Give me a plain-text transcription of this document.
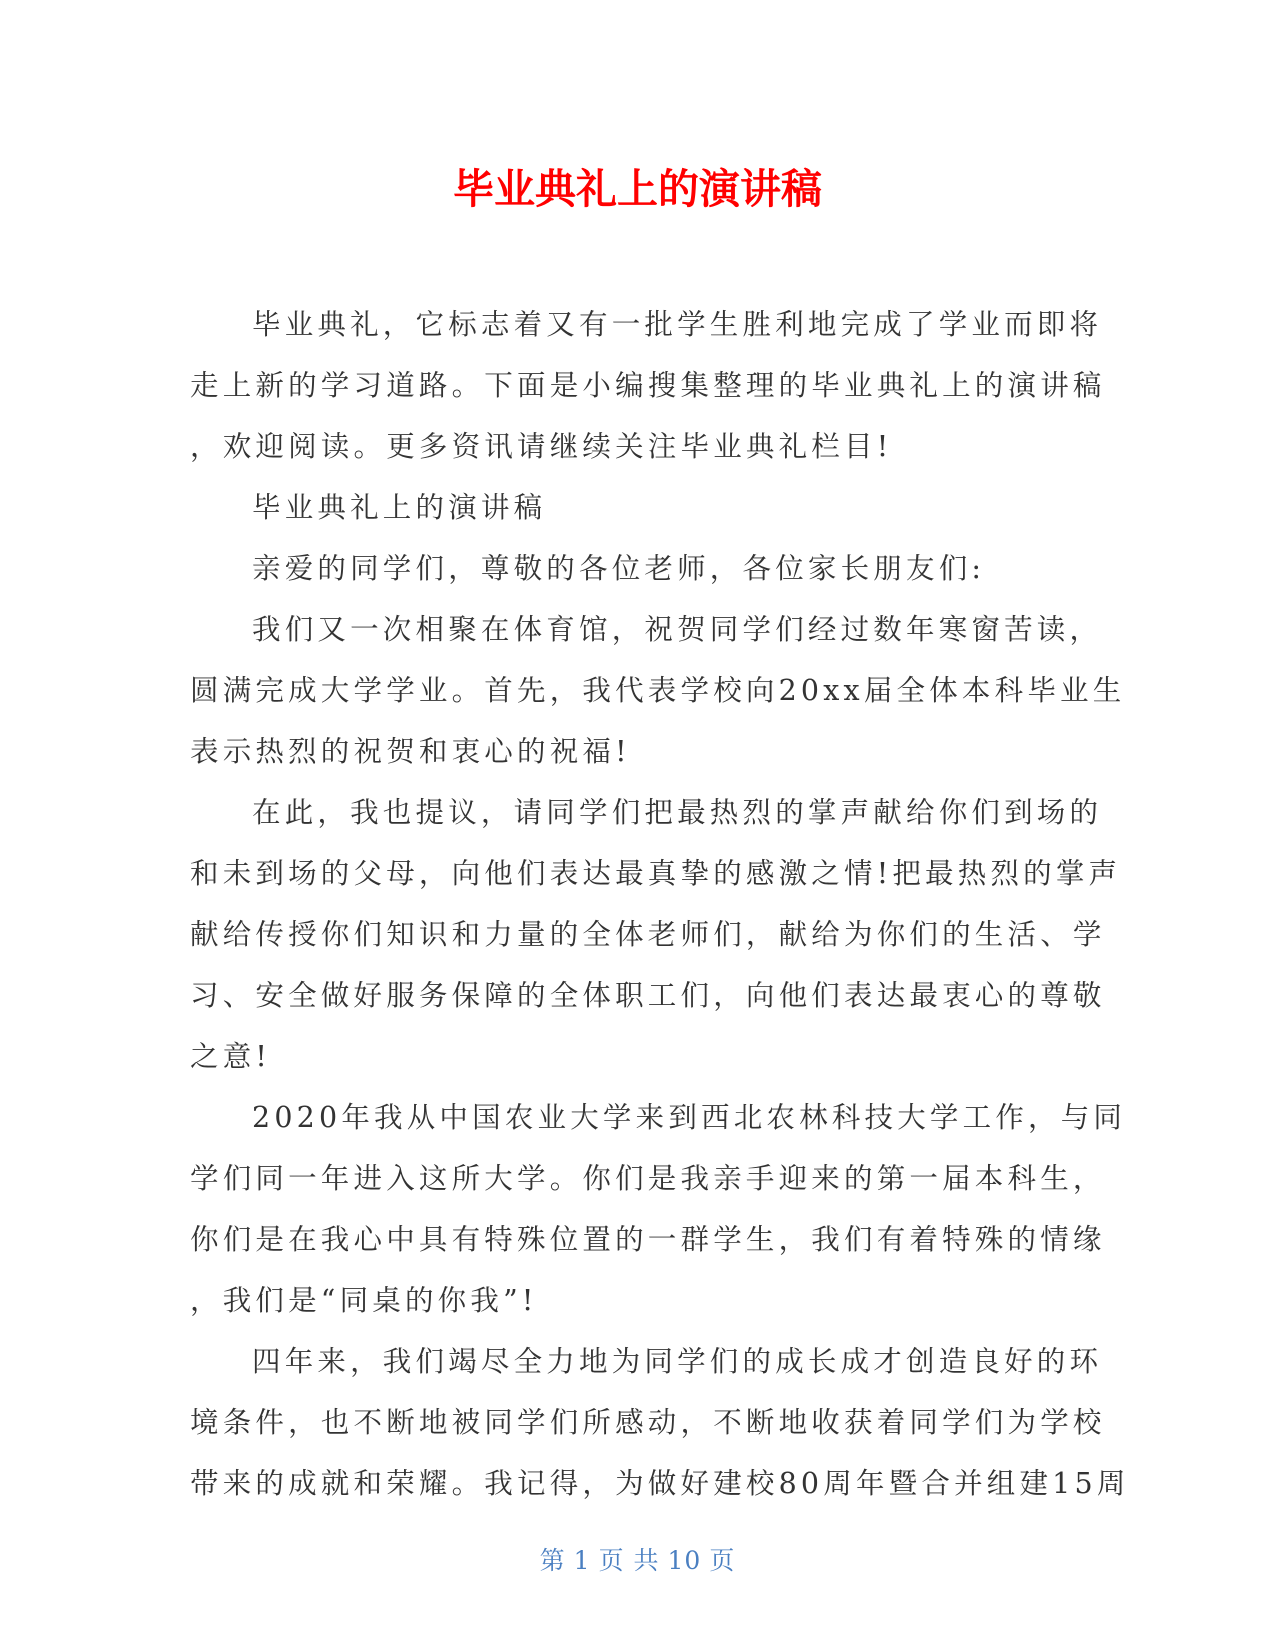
毕业典礼上的演讲稿
毕业典礼，它标志着又有一批学生胜利地完成了学业而即将
走上新的学习道路。下面是小编搜集整理的毕业典礼上的演讲稿
，欢迎阅读。更多资讯请继续关注毕业典礼栏目!
毕业典礼上的演讲稿
亲爱的同学们，尊敬的各位老师，各位家长朋友们:
我们又一次相聚在体育馆，祝贺同学们经过数年寒窗苦读，
圆满完成大学学业。首先，我代表学校向20xx届全体本科毕业生
表示热烈的祝贺和衷心的祝福!
在此，我也提议，请同学们把最热烈的掌声献给你们到场的
和未到场的父母，向他们表达最真挚的感激之情!把最热烈的掌声
献给传授你们知识和力量的全体老师们，献给为你们的生活、学
习、安全做好服务保障的全体职工们，向他们表达最衷心的尊敬
之意!
2020年我从中国农业大学来到西北农林科技大学工作，与同
学们同一年进入这所大学。你们是我亲手迎来的第一届本科生，
你们是在我心中具有特殊位置的一群学生，我们有着特殊的情缘
，我们是“同桌的你我”!
四年来，我们竭尽全力地为同学们的成长成才创造良好的环
境条件，也不断地被同学们所感动，不断地收获着同学们为学校
带来的成就和荣耀。我记得，为做好建校80周年暨合并组建15周
第 1 页 共 10 页
